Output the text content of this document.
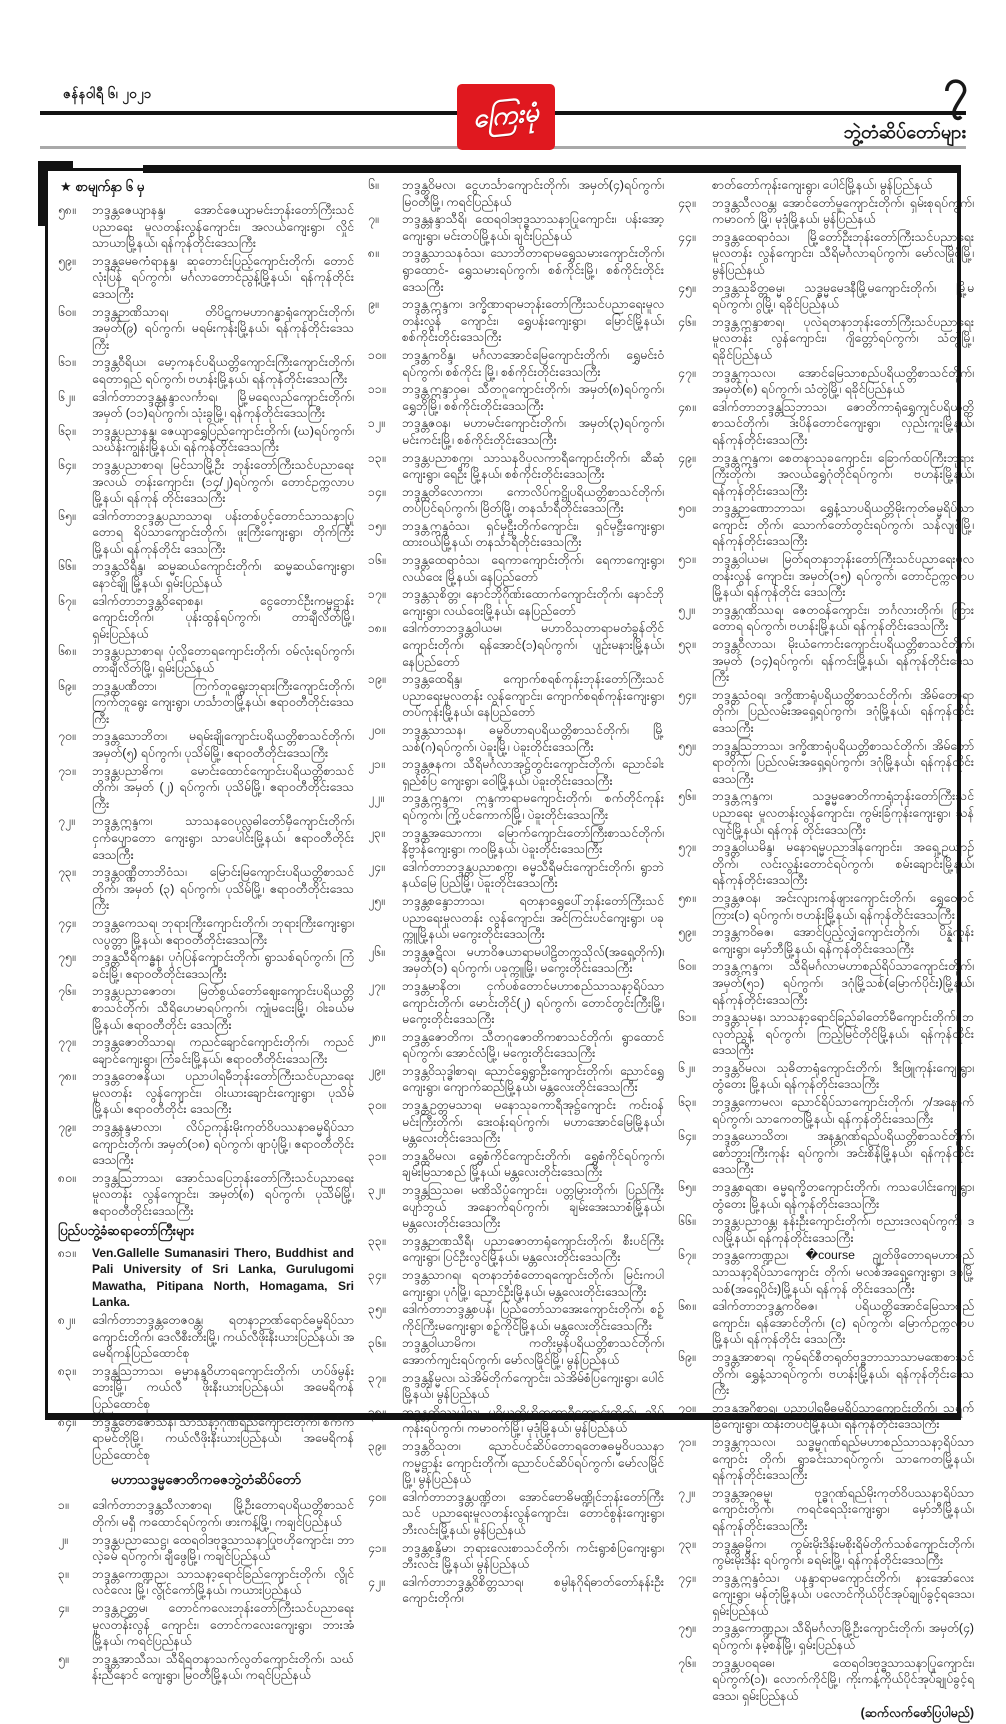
ဇန်နဝါရီ ၆၊ ၂၀၂၁
ကြေးမုံ
၇
ဘွဲ့တံဆိပ်တော်များ
★ စာမျက်နှာ ၆ မှ
၅၈။	ဘဒ္ဒန္တဇေယျာနန္ဒ၊ အောင်ဇေယျာမင်းဘုန်းတော်ကြီးသင်ပညာရေး မူလတန်းလွန်ကျောင်း၊ အလယ်ကျေးရွာ၊ လှိုင်သာယာမြို့နယ်၊ ရန်ကုန်တိုင်းဒေသကြီး
၅၉။	ဘဒ္ဒန္တမေဓကံရာနန္ဒ၊ ဆုတောင်းပြည့်ကျောင်းတိုက်၊ တောင်လုံးပြန် ရပ်ကွက်၊ မင်္ဂလာတောင်ညွန့်မြို့နယ်၊ ရန်ကုန်တိုင်းဒေသကြီး
၆၀။	ဘဒ္ဒန္တဉာဏိသာရ၊ တိပိဋကမဟာဂန္ဓာရုံကျောင်းတိုက်၊ အမှတ်(၉) ရပ်ကွက်၊ မရမ်းကုန်းမြို့နယ်၊ ရန်ကုန်တိုင်းဒေသကြီး
၆၁။	ဘဒ္ဒန္တဝီရိယ၊ မော့ကနင်ပရိယတ္တိကျောင်းကြီးကျောင်းတိုက်၊ ရေတာရှည် ရပ်ကွက်၊ ဗဟန်းမြို့နယ်၊ ရန်ကုန်တိုင်းဒေသကြီး
၆၂။	ဒေါက်တာဘဒ္ဒန္တနန္ဒာလင်္ကာရ၊ မြို့မရေလည်ကျောင်းတိုက်၊ အမှတ် (၁၁)ရပ်ကွက်၊ သုံးခွမြို့၊ ရန်ကုန်တိုင်းဒေသကြီး
၆၃။	ဘဒ္ဒန္တပညာနန္ဒ၊ ဇေယျာရွှေပြည်ကျောင်းတိုက်၊ (ဃ)ရပ်ကွက်၊ သဃ်န်းကျွန်းမြို့နယ်၊ ရန်ကုန်တိုင်းဒေသကြီး
၆၄။	ဘဒ္ဒန္တပညာစာရ၊ မြင်သာမြို့ဦး ဘုန်းတော်ကြီးသင်ပညာရေးအလယ် တန်းကျောင်း၊ (၁၄/၂)ရပ်ကွက်၊ တောင်ဥက္ကလာပမြို့နယ်၊ ရန်ကုန် တိုင်းဒေသကြီး
၆၅။	ဒေါက်တာဘဒ္ဒန္တပညာသာရ၊ ပန်းတစ်ပွင့်တောင်သာသနာပြုတောရ ရိပ်သာကျောင်းတိုက်၊ ဖူးကြီးကျေးရွာ၊ တိုက်ကြီးမြို့နယ်၊ ရန်ကုန်တိုင်း ဒေသကြီး
၆၆။	ဘဒ္ဒန္တသိရီန္ဒ၊ ဆမ္မဆယ်ကျောင်းတိုက်၊ ဆမ္မဆယ်ကျေးရွာ၊ နောင်ချို မြို့နယ်၊ ရှမ်းပြည်နယ်
၆၇။	ဒေါက်တာဘဒ္ဒန္တဝိရောစန၊ ငွေတောင်ဦးကမ္မဋ္ဌာန်းကျောင်းတိုက်၊ ပုန်းထွန်ရပ်ကွက်၊ တာချီလိတ်မြို့၊ ရှမ်းပြည်နယ်
၆၈။	ဘဒ္ဒန္တပညာစာရ၊ ပုံလှိုတောရကျောင်းတိုက်၊ ဝမ်လုံးရပ်ကွက်၊ တာချီလိတ်မြို့၊ ရှမ်းပြည်နယ်
၆၉။	ဘဒ္ဒန္တပဏီတာ၊ ကြက်တူရွေးဘုရားကြီးကျောင်းတိုက်၊ ကြက်တူရွေး ကျေးရွာ၊ ဟင်္သာတမြို့နယ်၊ ဧရာဝတီတိုင်းဒေသကြီး
၇၀။	ဘဒ္ဒန္တသောဘိတ၊ မရမ်းချိုကျောင်းပရိယတ္တိစာသင်တိုက်၊ အမှတ်(၅) ရပ်ကွက်၊ ပုသိမ်မြို့၊ ဧရာဝတီတိုင်းဒေသကြီး
၇၁။	ဘဒ္ဒန္တပညာဓိက၊ မောင်းထောင်ကျောင်းပရိယတ္တိစာသင်တိုက်၊ အမှတ် (၂) ရပ်ကွက်၊ ပုသိမ်မြို့၊ ဧရာဝတီတိုင်းဒေသကြီး
၇၂။	ဘဒ္ဒန္တဣန္ဒက၊ သာသနဝေပုလ္လဓါတော်မှီကျောင်းတိုက်၊ ငှက်ပျောတော ကျေးရွာ၊ သာပေါင်းမြို့နယ်၊ ဧရာဝတီတိုင်းဒေသကြီး
၇၃။	ဘဒ္ဒန္တဝဏ္ဏီတာဘိဝံသ၊ မြောင်းမြကျောင်းပရိယတ္တိစာသင်တိုက်၊ အမှတ် (၃) ရပ်ကွက်၊ ပုသိမ်မြို့၊ ဧရာဝတီတိုင်းဒေသကြီး
၇၄။	ဘဒ္ဒန္တကေသရ၊ ဘုရားကြီးကျောင်းတိုက်၊ ဘုရားကြီးကျေးရွာ၊ လပွတ္တာ မြို့နယ်၊ ဧရာဝတီတိုင်းဒေသကြီး
၇၅။	ဘဒ္ဒန္တသီရိကန္ဓန၊ ပုဂံပြန်ကျောင်းတိုက်၊ ရွာသစ်ရပ်ကွက်၊ ကြံခင်းမြို့၊ ဧရာဝတီတိုင်းဒေသကြီး
၇၆။	ဘဒ္ဒန္တပညာဇောတ၊ မြတ်စွယ်တော်ဈေးကျောင်းပရိယတ္တိစာသင်တိုက်၊ သီရိဟေမာရပ်ကွက်၊ ကျုံမငေးမြို့၊ ဝါးခယ်မမြို့နယ်၊ ဧရာဝတီတိုင်း ဒေသကြီး
၇၇။	ဘဒ္ဒန္တဇောတိသာရ၊ ကညင်ချောင်ကျောင်းတိုက်၊ ကညင်ချောင်ကျေးရွာ၊ ကြံခင်းမြို့နယ်၊ ဧရာဝတီတိုင်းဒေသကြီး
၇၈။	ဘဒ္ဒန္တတေဇနိယ၊ ပညာပါရမီဘုန်းတော်ကြီးသင်ပညာရေးမူလတန်း လွန်ကျောင်း၊ ဝါးယားချောင်းကျေးရွာ၊ ပုသိမ်မြို့နယ်၊ ဧရာဝတီတိုင်း ဒေသကြီး
၇၉။	ဘဒ္ဒန္တနန္ဒမာလာ၊ လိပ်ဥကုန်းမိုးကုတ်ဝိပဿနာဓမ္မရိပ်သာကျောင်းတိုက်၊ အမှတ်(၁၈) ရပ်ကွက်၊ ဖျာပုံမြို့၊ ဧရာဝတီတိုင်းဒေသကြီး
၈၀။	ဘဒ္ဒန္တဩဘာသ၊ အောင်သပြေဘုန်းတော်ကြီးသင်ပညာရေးမူလတန်း လွန်ကျောင်း၊ အမှတ်(၈) ရပ်ကွက်၊ ပုသိမ်မြို့၊ ဧရာဝတီတိုင်းဒေသကြီး
ပြည်ပဘွဲ့ခံဆရာတော်ကြီးများ
၈၁။	Ven.Gallelle Sumanasiri Thero, Buddhist and Pali University of Sri Lanka, Gurulugomi Mawatha, Pitipana North, Homagama, Sri Lanka.
၈၂။	ဒေါက်တာဘဒ္ဒန္တတေဇဝန္တ၊ ရတနာဉာဏ်ရောင်ဓမ္မရိပ်သာကျောင်းတိုက်၊ ဒေလီစီးတီးမြို့၊ ကယ်လီဖိုးနီးယားပြည်နယ်၊ အမေရိကန်ပြည်ထောင်စု
၈၃။	ဘဒ္ဒန္တဩဘာသ၊ ဓမ္မာနန္ဒဝိဟာရကျောင်းတိုက်၊ ဟပ်ဖ်မွန်းဘေးမြို့၊ ကယ်လီ ဖိုးနီးယားပြည်နယ်၊ အမေရိကန်ပြည်ထောင်စု
၈၄။	ဘဒ္ဒန္တတေဇောသန၊ သာသနာ့ဂုဏ်ရည်ကျောင်းတိုက်၊ စက်ကရာမင်တိုမြို့၊ ကယ်လီဖိုးနီးယားပြည်နယ်၊ အမေရိကန်ပြည်ထောင်စု
မဟာသဒ္ဓမ္မဇောတိကဓဇဘွဲ့တံဆိပ်တော်
၁။	ဒေါက်တာဘဒ္ဒန္တသီလာစာရ၊ မြို့ဦးတောရပရိယတ္တိစာသင်တိုက်၊ မရှီ ကထောင်ရပ်ကွက်၊ ဖားကန့်မြို့၊ ကချင်ပြည်နယ်
၂။	ဘဒ္ဒန္တပညာသေဋ္ဌ၊ ထေရဝါဒဗုဒ္ဓသာသနာပြုဗဟိုကျောင်း၊ ဘာလဲ့ခမ် ရပ်ကွက်၊ ချီဖွေမြို့၊ ကချင်ပြည်နယ်
၃။	ဘဒ္ဒန္တကောဏ္ဍည၊ သာသနာ့ရောင်ခြည်ကျောင်းတိုက်၊ လွိုင်လင်လေး မြို့၊ လွိုင်ကော်မြို့နယ်၊ ကယားပြည်နယ်
၄။	ဘဒ္ဒန္တဉတ္တမ၊ တောင်ကလေးဘုန်းတော်ကြီးသင်ပညာရေးမူလတန်းလွန် ကျောင်း၊ တောင်ကလေးကျေးရွာ၊ ဘားအံမြို့နယ်၊ ကရင်ပြည်နယ်
၅။	ဘဒ္ဒန္တအာသီသ၊ သီရိရတနာသက်လွတ်ကျောင်းတိုက်၊ သဃ်န်းညီနောင် ကျေးရွာ၊ မြဝတီမြို့နယ်၊ ကရင်ပြည်နယ်
၆။	ဘဒ္ဒန္တဝိမလ၊ ငွေဟင်္သာကျောင်းတိုက်၊ အမှတ်(၄)ရပ်ကွက်၊ မြဝတီမြို့၊ ကရင်ပြည်နယ်
၇။	ဘဒ္ဒန္တနန္ဒာသီရိ၊ ထေရဝါဒဗုဒ္ဓသာသနာပြုကျောင်း၊ ပန်းအော့ကျေးရွာ၊ မင်းတပ်မြို့နယ်၊ ချင်းပြည်နယ်
၈။	ဘဒ္ဒန္တသာသနဝံသ၊ သောဘိတာရာမရွှေသမားကျောင်းတိုက်၊ ရွာထောင်- ရွှေသမားရပ်ကွက်၊ စစ်ကိုင်းမြို့၊ စစ်ကိုင်းတိုင်းဒေသကြီး
၉။	ဘဒ္ဒန္တဣန္ဒက၊ ဒက္ခိဏာရာမဘုန်းတော်ကြီးသင်ပညာရေးမူလတန်းလွန် ကျောင်း၊ ရွှေပန်းကျေးရွာ၊ မြောင်မြို့နယ်၊ စစ်ကိုင်းတိုင်းဒေသကြီး
၁၀။	ဘဒ္ဒန္တကဝိန္ဒ၊ မင်္ဂလာအောင်မြေကျောင်းတိုက်၊ ရွှေမင်းဝံရပ်ကွက်၊ စစ်ကိုင်း မြို့၊ စစ်ကိုင်းတိုင်းဒေသကြီး
၁၁။	ဘဒ္ဒန္တဣန္ဒာဝုဓ၊ သီတဂူကျောင်းတိုက်၊ အမှတ်(၈)ရပ်ကွက်၊ ရွှေဘိုမြို့၊ စစ်ကိုင်းတိုင်းဒေသကြီး
၁၂။	ဘဒ္ဒန္တဇဝန၊ မဟာမင်းကျောင်းတိုက်၊ အမှတ်(၃)ရပ်ကွက်၊ မင်းကင်းမြို့၊ စစ်ကိုင်းတိုင်းဒေသကြီး
၁၃။	ဘဒ္ဒန္တပညာစက္က၊ သာသနဝိပုလကာရီကျောင်းတိုက်၊ ဆီဆုံကျေးရွာ၊ ရေဦး မြို့နယ်၊ စစ်ကိုင်းတိုင်းဒေသကြီး
၁၄။	ဘဒ္ဒန္တတိလောကာ၊ ကောလိပ်ကုဋ္ဌိုပရိယတ္တိစာသင်တိုက်၊ တပ်ပြင်ရပ်ကွက်၊ မြိတ်မြို့၊ တနင်္သာရီတိုင်းဒေသကြီး
၁၅။	ဘဒ္ဒန္တဣန္ဒဝံသ၊ ရှင်မုဋ္ဌီးတိုက်ကျောင်း၊ ရှင်မုဋ္ဌီးကျေးရွာ၊ ထားဝယ်မြို့နယ်၊ တနင်္သာရီတိုင်းဒေသကြီး
၁၆။	ဘဒ္ဒန္တထေရာဝံသ၊ ရေကာကျောင်းတိုက်၊ ရေကာကျေးရွာ၊ လယ်ဝေး မြို့နယ်၊ နေပြည်တော်
၁၇။	ဘဒ္ဒန္တသုစိတ္တ၊ နောင်ဘိုဂိုဏ်းထောက်ကျောင်းတိုက်၊ နောင်ဘိုကျေးရွာ၊ လယ်ဝေးမြို့နယ်၊ နေပြည်တော်
၁၈။	ဒေါက်တာဘဒ္ဒန္တဝါယမ၊ မဟာဝိသုတာရာမတံခွန်တိုင်ကျောင်းတိုက်၊ ရန်အောင်(၁)ရပ်ကွက်၊ ပျဉ်းမနားမြို့နယ်၊ နေပြည်တော်
၁၉။	ဘဒ္ဒန္တထေရိန္ဒ၊ ကျောက်စရစ်ကုန်းဘုန်းတော်ကြီးသင်ပညာရေးမူလတန်း လွန်ကျောင်း၊ ကျောက်စရစ်ကုန်းကျေးရွာ၊ တပ်ကုန်းမြို့နယ်၊ နေပြည်တော်
၂၀။	ဘဒ္ဒန္တသာသန၊ ဓမ္မဝိဟာရပရိယတ္တိစာသင်တိုက်၊ မြို့သစ်(ဂ)ရပ်ကွက်၊ ပဲခူးမြို့၊ ပဲခူးတိုင်းဒေသကြီး
၂၁။	ဘဒ္ဒန္တဇနက၊ သီရိမင်္ဂလာအုဋ္ဌ်တွင်းကျောင်းတိုက်၊ ညောင်ခါးရှည်စံပြ ကျေးရွာ၊ ဝေါမြို့နယ်၊ ပဲခူးတိုင်းဒေသကြီး
၂၂။	ဘဒ္ဒန္တဣန္ဒက၊ ဣန္ဒကာရာမကျောင်းတိုက်၊ စက်တိုင်ကုန်းရပ်ကွက်၊ ကြို့ပင်ကောက်မြို့၊ ပဲခူးတိုင်းဒေသကြီး
၂၃။	ဘဒ္ဒန္တအသောကာ၊ မြောက်ကျောင်းတော်ကြီးစာသင်တိုက်၊ နိဗ္ဗာန်ကျေးရွာ၊ ကဝမြို့နယ်၊ ပဲခူးတိုင်းဒေသကြီး
၂၄။	ဒေါက်တာဘဒ္ဒန္တပညာစက္က၊ ဓမ္မသီရီမင်းကျောင်းတိုက်၊ ရွာဘဲနယ်မြေ ပြည်မြို့၊ ပဲခူးတိုင်းဒေသကြီး
၂၅။	ဘဒ္ဒန္တစန္ဒောဘာသ၊ ရတနာရွှေပေါ်ဘုန်းတော်ကြီးသင်ပညာရေးမူလတန်း လွန်ကျောင်း၊ အင်ကြင်းပင်ကျေးရွာ၊ ပခုက္ကူမြို့နယ်၊ မကွေးတိုင်းဒေသကြီး
၂၆။	ဘဒ္ဒန္တဇဋိလ၊ မဟာဝိဇယာရာမပါဠိတက္ကသိုလ်(အရှေ့တိုက်)၊ အမှတ်(၁) ရပ်ကွက်၊ ပခုက္ကူမြို့၊ မကွေးတိုင်းဒေသကြီး
၂၇။	ဘဒ္ဒန္တမာနိတ၊ ငှက်ပစ်တောင်မဟာစည်သာသနာ့ရိပ်သာကျောင်းတိုက်၊ မောင်းတိုင်(၂) ရပ်ကွက်၊ တောင်တွင်းကြီးမြို့၊ မကွေးတိုင်းဒေသကြီး
၂၈။	ဘဒ္ဒန္တဇောတိက၊ သီတဂူဇောတိကစာသင်တိုက်၊ ရွာထောင်ရပ်ကွက်၊ အောင်လံမြို့၊ မကွေးတိုင်းဒေသကြီး
၂၉။	ဘဒ္ဒန္တဝိသုဒ္ဓါစာရ၊ ညောင်ရွှေရွာဦးကျောင်းတိုက်၊ ညောင်ရွှေကျေးရွာ၊ ကျောက်ဆည်မြို့နယ်၊ မန္တလေးတိုင်းဒေသကြီး
၃၀။	ဘဒ္ဒန္တဥတ္တမသာရ၊ မနောသုခကာရီအုဋ္ဌ်ကျောင်း ကင်းဝန်မင်းကြီးတိုက်၊ ဒေးဝန်းရပ်ကွက်၊ မဟာအောင်မြေမြို့နယ်၊ မန္တလေးတိုင်းဒေသကြီး
၃၁။	ဘဒ္ဒန္တဝိမလ၊ ရွှေစံကိုင်ကျောင်းတိုက်၊ ရွှေစံကိုင်ရပ်ကွက်၊ ချမ်းမြသာစည် မြို့နယ်၊ မန္တလေးတိုင်းဒေသကြီး
၃၂။	ဘဒ္ဒန္တဩသဓ၊ မဏိသိပ္ပံကျောင်း၊ ပတ္တမြားတိုက်၊ ပြည်ကြီးပျော်ဘွယ် အနောက်ရပ်ကွက်၊ ချမ်းအေးသာစံမြို့နယ်၊ မန္တလေးတိုင်းဒေသကြီး
၃၃။	ဘဒ္ဒန္တဉာဏသီရီ၊ ပညာဇောတာရုံကျောင်းတိုက်၊ စီးပင်ကြီးကျေးရွာ၊ ပြင်ဦးလွင်မြို့နယ်၊ မန္တလေးတိုင်းဒေသကြီး
၃၄။	ဘဒ္ဒန္တသာဂရ၊ ရတနာဘုံစံတောရကျောင်းတိုက်၊ မြင်းကပါကျေးရွာ၊ ပုဂံမြို့၊ ညောင်ဦးမြို့နယ်၊ မန္တလေးတိုင်းဒေသကြီး
၃၅။	ဒေါက်တာဘဒ္ဒန္တစပန်၊ ပြည်တော်သာအေးကျောင်းတိုက်၊ စဉ့်ကိုင်ကြီးမကျေးရွာ၊ စဉ့်ကိုင်မြို့နယ်၊ မန္တလေးတိုင်းဒေသကြီး
၃၆။	ဘဒ္ဒန္တဝါယာမိက၊ ကတိုးမွန်ပရိယတ္တိစာသင်တိုက်၊ အောက်ကျင်းရပ်ကွက်၊ မော်လမြိုင်မြို့၊ မွန်ပြည်နယ်
၃၇။	ဘဒ္ဒန္တနိမ္မလ၊ သဲအိမ်တိုက်ကျောင်း၊ သဲအိမ်စံပြကျေးရွာ၊ ပေါင်မြို့နယ်၊ မွန်ပြည်နယ်
၃၈။	ဘဒ္ဒန္တတိဿပါလ၊ ပရိယတ္တိဟိတကာရီကျောင်းတိုက်၊ သိမ်ကုန်းရပ်ကွက်၊ ကမာဝက်မြို့၊ မုဒုံမြို့နယ်၊ မွန်ပြည်နယ်
၃၉။	ဘဒ္ဒန္တဝိသုတ၊ ညောင်ပင်ဆိပ်တောရတေဇဓမ္မဝိပဿနာကမ္မဋ္ဌာန်း ကျောင်းတိုက်၊ ညောင်ပင်ဆိပ်ရပ်ကွက်၊ မော်လမြိုင်မြို့၊ မွန်ပြည်နယ်
၄၀။	ဒေါက်တာဘဒ္ဒန္တပဏ္ဍိတ၊ အောင်ဗောဓိမဏ္ဍိုင်ဘုန်းတော်ကြီးသင် ပညာရေးမူလတန်းလွန်ကျောင်း၊ တောင်စွန်းကျေးရွာ၊ ဘီးလင်းမြို့နယ်၊ မွန်ပြည်နယ်
၄၁။	ဘဒ္ဒန္တစန္ဒိမာ၊ ဘုရားလေးစာသင်တိုက်၊ ကင်းရွာစံပြကျေးရွာ၊ ဘီးလင်း မြို့နယ်၊ မွန်ပြည်နယ်
၄၂။	ဒေါက်တာဘဒ္ဒန္တဝိစိတ္တသာရ၊ စမ္ပါနဂိုရ်ဓာတ်တော်နန်းဦးကျောင်းတိုက်၊
စာတ်တော်ကုန်းကျေးရွာ၊ ပေါင်မြို့နယ်၊ မွန်ပြည်နယ်
၄၃။	ဘဒ္ဒန္တသီလဝန္တ၊ အောင်တော်မူကျောင်းတိုက်၊ ရှမ်းစုရပ်ကွက်၊ ကမာဝက် မြို့၊ မုဒုံမြို့နယ်၊ မွန်ပြည်နယ်
၄၄။	ဘဒ္ဒန္တထေရာဝံသ၊ မြို့တော်ဦးဘုန်းတော်ကြီးသင်ပညာရေးမူလတန်း လွန်ကျောင်း၊ သီရိမင်္ဂလာရပ်ကွက်၊ မော်လမြိုင်မြို့၊ မွန်ပြည်နယ်
၄၅။	ဘဒ္ဒန္တသုခိတ္တဓမ္မ၊ သဒ္ဓမ္မမေဒနီမြို့မကျောင်းတိုက်၊ မြို့မရပ်ကွက်၊ ဂွမြို့၊ ရခိုင်ပြည်နယ်
၄၆။	ဘဒ္ဒန္တဣန္ဒာစာရ၊ ပုလဲရတနာဘုန်းတော်ကြီးသင်ပညာရေးမူလတန်း လွန်ကျောင်း၊ ဂျိတ္တော်ရပ်ကွက်၊ သံတွဲမြို့၊ ရခိုင်ပြည်နယ်
၄၇။	ဘဒ္ဒန္တကုသလ၊ အောင်မြေသာစည်ပရိယတ္တိစာသင်တိုက်၊ အမှတ်(၈) ရပ်ကွက်၊ သံတွဲမြို့၊ ရခိုင်ပြည်နယ်
၄၈။	ဒေါက်တာဘဒ္ဒန္တဩဘာသ၊ ဇောတိကာရုံရွှေကျင်ပရိယတ္တိစာသင်တိုက်၊ ဒဲးပိန်တောင်ကျေးရွာ၊ လှည်းကူးမြို့နယ်၊ ရန်ကုန်တိုင်းဒေသကြီး
၄၉။	ဘဒ္ဒန္တဣန္ဒက၊ စေတနာသုခကျောင်း၊ ခြောက်ထပ်ကြီးဘုရားကြီးတိုက်၊ အလယ်ရွှေဂုံတိုင်ရပ်ကွက်၊ ဗဟန်းမြို့နယ်၊ ရန်ကုန်တိုင်းဒေသကြီး
၅၀။	ဘဒ္ဒန္တဉာဏောဘာသ၊ ရွှေနံ့သာပရိယတ္တိမိုးကုတ်ဓမ္မရိပ်သာကျောင်း တိုက်၊ သောက်တော်တွင်းရပ်ကွက်၊ သန်လျင်မြို့၊ ရန်ကုန်တိုင်းဒေသကြီး
၅၁။	ဘဒ္ဒန္တဝါယမ၊ မြတ်ရတနာဘုန်းတော်ကြီးသင်ပညာရေးမူလတန်းလွန် ကျောင်း၊ အမှတ်(၁၅) ရပ်ကွက်၊ တောင်ဥက္ကလာပမြို့နယ်၊ ရန်ကုန်တိုင်း ဒေသကြီး
၅၂။	ဘဒ္ဒန္တဂုဏိဿရ၊ ဇေတဝန်ကျောင်း၊ ဘင်္ဂလားတိုက်၊ ကြားတောရ ရပ်ကွက်၊ ဗဟန်းမြို့နယ်၊ ရန်ကုန်တိုင်းဒေသကြီး
၅၃။	ဘဒ္ဒန္တဝီလာသ၊ မိုးယံကောင်းကျောင်းပရိယတ္တိစာသင်တိုက်၊ အမှတ် (၁၄)ရပ်ကွက်၊ ရန်ကင်းမြို့နယ်၊ ရန်ကုန်တိုင်းဒေသကြီး
၅၄။	ဘဒ္ဒန္တသံဝရ၊ ဒက္ခိဏာရုံပရိယတ္တိစာသင်တိုက်၊ အိမ်တော်ရာတိုက်၊ ပြည်လမ်းအရှေ့ရပ်ကွက်၊ ဒဂုံမြို့နယ်၊ ရန်ကုန်တိုင်းဒေသကြီး
၅၅။	ဘဒ္ဒန္တဩဘာသ၊ ဒက္ခိဏာရုံပရိယတ္တိစာသင်တိုက်၊ အိမ်တော်ရာတိုက်၊ ပြည်လမ်းအရှေ့ရပ်ကွက်၊ ဒဂုံမြို့နယ်၊ ရန်ကုန်တိုင်းဒေသကြီး
၅၆။	ဘဒ္ဒန္တဣန္ဒက၊ သဒ္ဓမ္မဇောတိကာရုံဘုန်းတော်ကြီးသင်ပညာရေး မူလတန်းလွန်ကျောင်း၊ ကွမ်းခြံကုန်းကျေးရွာ၊ သန်လျင်မြို့နယ်၊ ရန်ကုန် တိုင်းဒေသကြီး
၅၇။	ဘဒ္ဒန္တဝါယမိန္ဒ၊ မနောရမ္မပညာဒါနကျောင်း၊ အရှေ့ဥယျာဉ်တိုက်၊ လင်းလွန်းတောင်ရပ်ကွက်၊ စမ်းချောင်းမြို့နယ်၊ ရန်ကုန်တိုင်းဒေသကြီး
၅၈။	ဘဒ္ဒန္တဇဝန၊ အင်းလျားကန်ဖျားကျောင်းတိုက်၊ ရွှေတောင်ကြား(၁) ရပ်ကွက်၊ ဗဟန်းမြို့နယ်၊ ရန်ကုန်တိုင်းဒေသကြီး
၅၉။	ဘဒ္ဒန္တကဝိဓဇ၊ အောင်ပြည့်လျှံကျောင်းတိုက်၊ ပိန္နဲကုန်းကျေးရွာ၊ မှော်ဘီမြို့နယ်၊ ရန်ကုန်တိုင်းဒေသကြီး
၆၀။	ဘဒ္ဒန္တဣန္ဒက၊ သီရိမင်္ဂလာမဟာစည်ရိပ်သာကျောင်းတိုက်၊ အမှတ်(၅၁) ရပ်ကွက်၊ ဒဂုံမြို့သစ်(မြောက်ပိုင်း)မြို့နယ်၊ ရန်ကုန်တိုင်းဒေသကြီး
၆၁။	ဘဒ္ဒန္တသုမန၊ သာသနာ့ရောင်ခြည်ခါတော်မီကျောင်းတိုက်၊ ဘလုတ်ညွန့် ရပ်ကွက်၊ ကြည့်မြင်တိုင်မြို့နယ်၊ ရန်ကုန်တိုင်းဒေသကြီး
၆၂။	ဘဒ္ဒန္တဝိမလ၊ သုဓိတာရုံကျောင်းတိုက်၊ ဒီးဖြူကုန်းကျေးရွာ၊ တွံတေး မြို့နယ်၊ ရန်ကုန်တိုင်းဒေသကြီး
၆၃။	ဘဒ္ဒန္တကောမလ၊ ညောင်ရိပ်သာကျောင်းတိုက်၊ ၇/အနောက်ရပ်ကွက်၊ သာကေတမြို့နယ်၊ ရန်ကုန်တိုင်းဒေသကြီး
၆၄။	ဘဒ္ဒန္တဃောသိတ၊ အနန္တဂုဏ်ရည်ပရိယတ္တိစာသင်တိုက်၊ စော်ဘွားကြီးကုန်း ရပ်ကွက်၊ အင်းစိန်မြို့နယ်၊ ရန်ကုန်တိုင်းဒေသကြီး
၆၅။	ဘဒ္ဒန္တစရဏ၊ ဓမ္မရက္ခိတကျောင်းတိုက်၊ ကသပေါင်းကျေးရွာ၊ တွံတေး မြို့နယ်၊ ရန်ကုန်တိုင်းဒေသကြီး
၆၆။	ဘဒ္ဒန္တပညာဝန္တ၊ နန်းဦးကျောင်းတိုက်၊ ဗညားဒလရပ်ကွက်၊ ဒလမြို့နယ်၊ ရန်ကုန်တိုင်းဒေသကြီး
၆၇။	ဘဒ္ဒန္တကောဏ္ဍည၊ �course ဉျတ်ဖိုတောရမဟာစည်သာသနာ့ရိပ်သာကျောင်း တိုက်၊ မလစ်အရှေ့ကျေးရွာ၊ ဒဂုံမြို့သစ်(အရှေ့ပိုင်း)မြို့နယ်၊ ရန်ကုန် တိုင်းဒေသကြီး
၆၈။	ဒေါက်တာဘဒ္ဒန္တကဝိဓဇ၊ ပရိယတ္တိအောင်မြေသာစည်ကျောင်း၊ ရန်အောင်တိုက်၊ (င) ရပ်ကွက်၊ မြောက်ဥက္ကလာပမြို့နယ်၊ ရန်ကုန်တိုင်း ဒေသကြီး
၆၉။	ဘဒ္ဒန္တအာစာရ၊ ကွမ်ရင်စီတရုတ်ဗုဒ္ဓဘာသာသာမဏေစာသင်တိုက်၊ ရွှေနံ့သာရပ်ကွက်၊ ဗဟန်းမြို့နယ်၊ ရန်ကုန်တိုင်းဒေသကြီး
၇၀။	ဘဒ္ဒန္တအဂ္ဂိစာရ၊ ပညာပါရမီဓမ္မရိပ်သာကျောင်းတိုက်၊ သရက်ခြံကျေးရွာ၊ ထန်းတပင်မြို့နယ်၊ ရန်ကုန်တိုင်းဒေသကြီး
၇၁။	ဘဒ္ဒန္တကုသလ၊ သဒ္ဓမ္မဂုဏ်ရည်မဟာစည်သာသနာ့ရိပ်သာကျောင်း တိုက်၊ ရွာခင်းသာရပ်ကွက်၊ သာကေတမြို့နယ်၊ ရန်ကုန်တိုင်းဒေသကြီး
၇၂။	ဘဒ္ဒန္တအဂ္ဂဓမ္မ၊ ဗုဒ္ဓဂုဏ်ရည်မိုးကုတ်ဝိပဿနာရိပ်သာကျောင်းတိုက်၊ ကရင်ရေသိုးကျေးရွာ၊ မှော်ဘီမြို့နယ်၊ ရန်ကုန်တိုင်းဒေသကြီး
၇၃။	ဘဒ္ဒန္တဓမ္မိက၊ ကွမ်းမိုးဒိန်းမစိုးရိမ်တိုက်သစ်ကျောင်းတိုက်၊ ကွမ်းမိုးဒိန်း ရပ်ကွက်၊ ခရမ်းမြို့၊ ရန်ကုန်တိုင်းဒေသကြီး
၇၄။	ဘဒ္ဒန္တဣန္ဒဝံသ၊ ပနန္ဒာရာမကျောင်းတိုက်၊ နားအော်လေးကျေးရွာ၊ မန်တုံမြို့နယ်၊ ပလောင်ကိုယ်ပိုင်အုပ်ချုပ်ခွင့်ရဒေသ၊ ရှမ်းပြည်နယ်
၇၅။	ဘဒ္ဒန္တကောဏ္ဍည၊ သီရိမင်္ဂလာမြို့ဦးကျောင်းတိုက်၊ အမှတ်(၄) ရပ်ကွက်၊ နမ့်စန်မြို့၊ ရှမ်းပြည်နယ်
၇၆။	ဘဒ္ဒန္တပဝရဓေ၊ ထေရဝါဒဗုဒ္ဓသာသနာပြုကျောင်း၊ ရပ်ကွက်(၁)၊ လောက်ကိုင်မြို့၊ ကိုးကန့်ကိုယ်ပိုင်အုပ်ချုပ်ခွင့်ရဒေသ၊ ရှမ်းပြည်နယ်
(ဆက်လက်ဖော်ပြပါမည်)
